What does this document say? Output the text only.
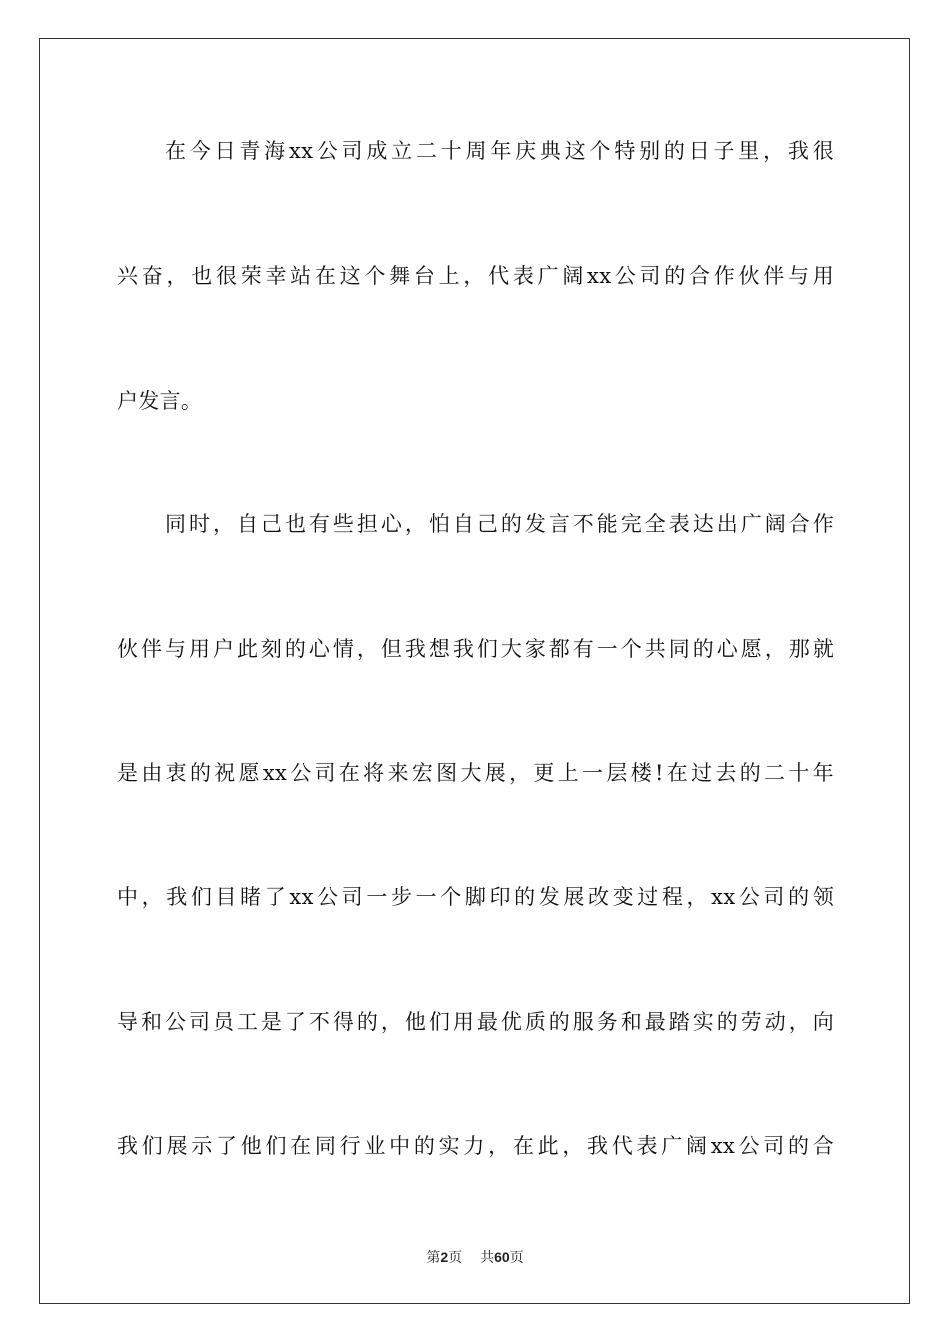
在今日青海xx公司成立二十周年庆典这个特别的日子里，我很
兴奋，也很荣幸站在这个舞台上，代表广阔xx公司的合作伙伴与用
户发言。
同时，自己也有些担心，怕自己的发言不能完全表达出广阔合作
伙伴与用户此刻的心情，但我想我们大家都有一个共同的心愿，那就
是由衷的祝愿xx公司在将来宏图大展，更上一层楼!在过去的二十年
中，我们目睹了xx公司一步一个脚印的发展改变过程，xx公司的领
导和公司员工是了不得的，他们用最优质的服务和最踏实的劳动，向
我们展示了他们在同行业中的实力，在此，我代表广阔xx公司的合
第2页 共60页
